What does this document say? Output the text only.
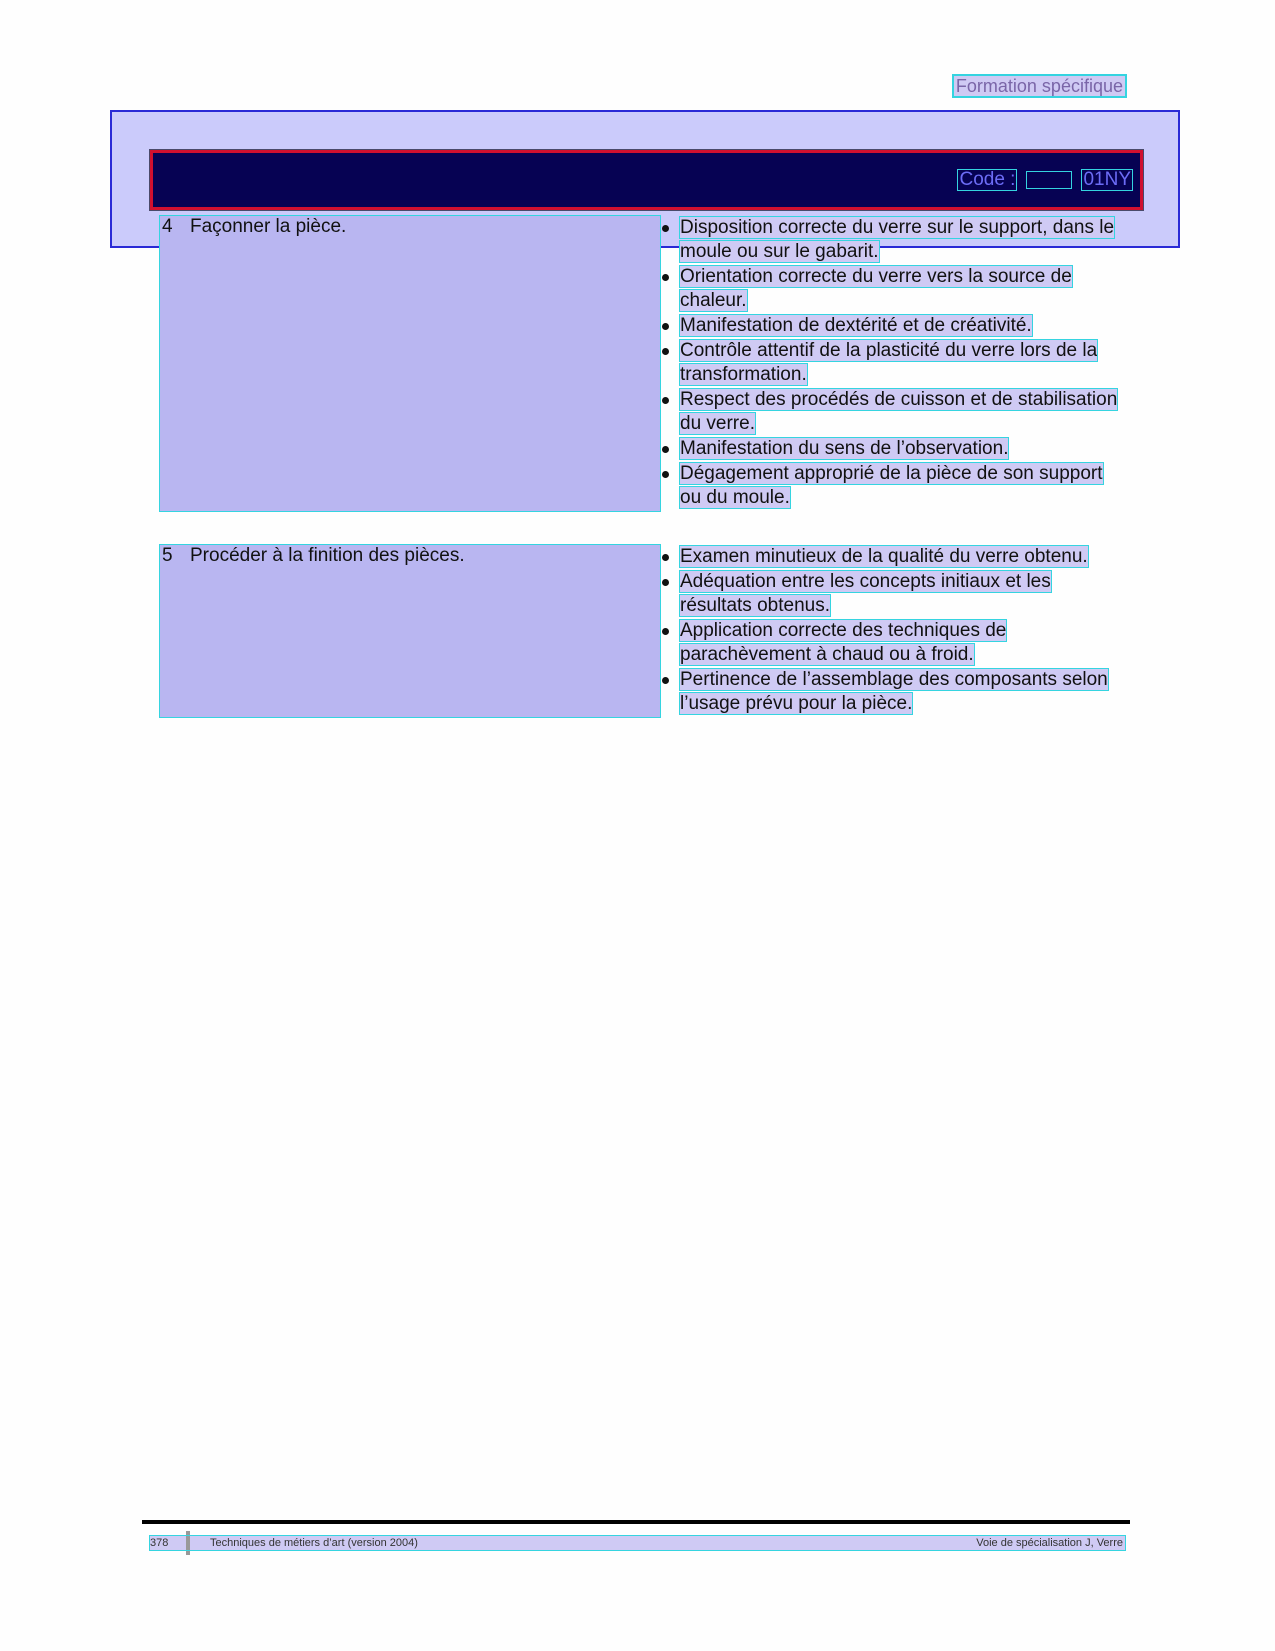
Formation spécifique
Code :	01NY
4 Façonner la pièce.	Disposition correcte du verre sur le support, dans le moule ou sur le gabarit.
Orientation correcte du verre vers la source de chaleur.
Manifestation de dextérité et de créativité.
Contrôle attentif de la plasticité du verre lors de la transformation.
Respect des procédés de cuisson et de stabilisation du verre.
Manifestation du sens de l’observation.
Dégagement approprié de la pièce de son support ou du moule.
5 Procéder à la finition des pièces.	Examen minutieux de la qualité du verre obtenu.
Adéquation entre les concepts initiaux et les résultats obtenus.
Application correcte des techniques de parachèvement à chaud ou à froid.
Pertinence de l’assemblage des composants selon l’usage prévu pour la pièce.
378	Techniques de métiers d’art (version 2004)	Voie de spécialisation J, Verre
